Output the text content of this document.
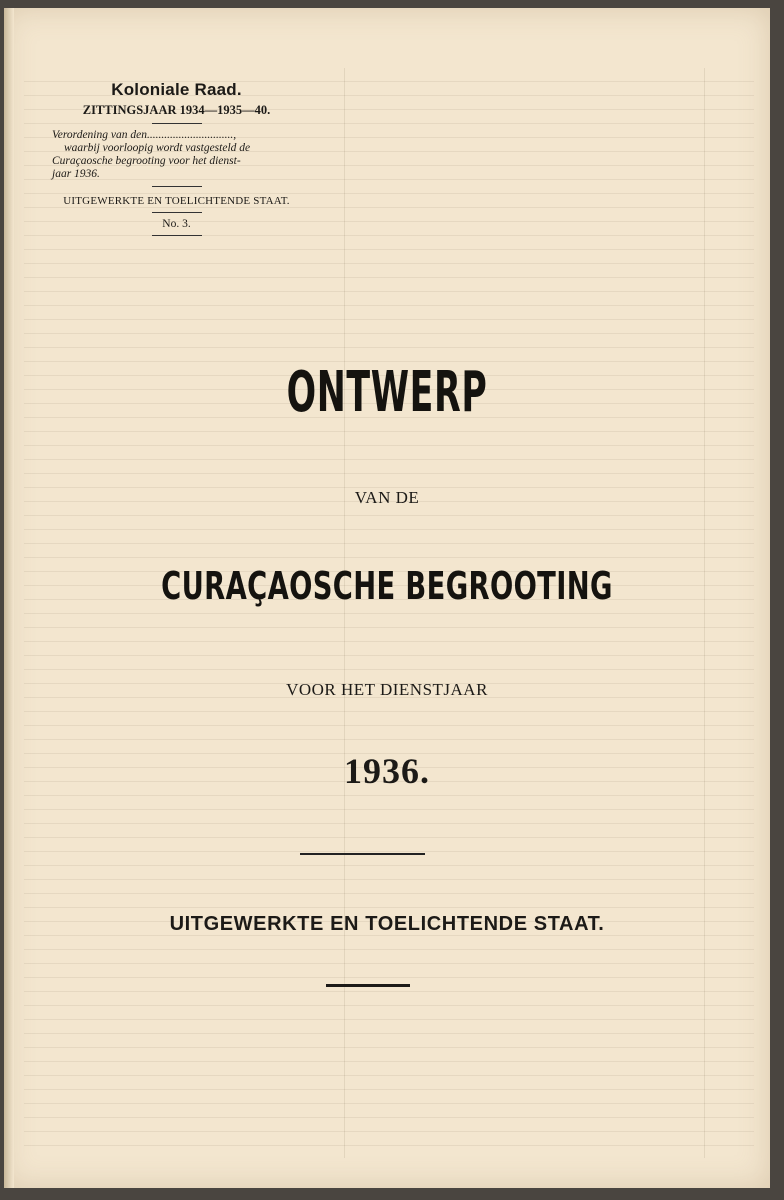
Koloniale Raad.
ZITTINGSJAAR 1934—1935—40.
Verordening van den..............................,
waarbij voorloopig wordt vastgesteld de
Curaçaosche begrooting voor het dienst-
jaar 1936.
UITGEWERKTE EN TOELICHTENDE STAAT.
No. 3.
ONTWERP
VAN DE
CURAÇAOSCHE BEGROOTING
VOOR HET DIENSTJAAR
1936.
UITGEWERKTE EN TOELICHTENDE STAAT.
